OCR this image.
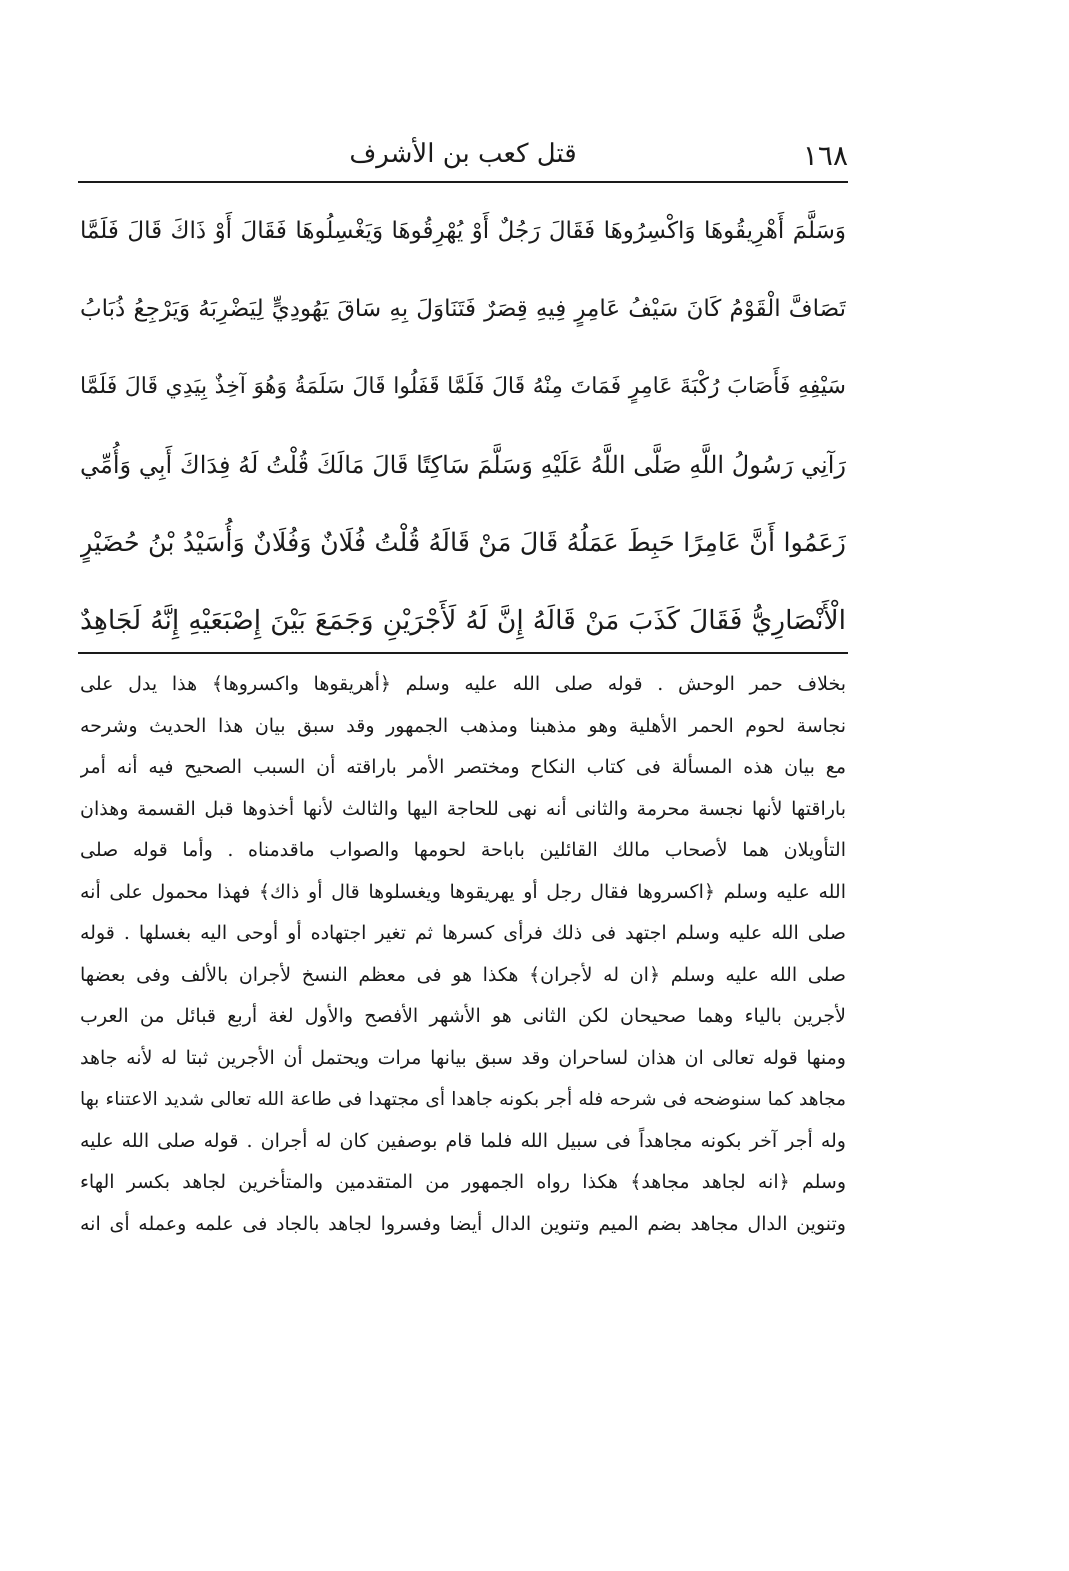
١٦٨
قتل كعب بن الأشرف
وَسَلَّمَ أَهْرِيقُوهَا وَاكْسِرُوهَا فَقَالَ رَجُلٌ أَوْ يُهْرِقُوهَا وَيَغْسِلُوهَا فَقَالَ أَوْ ذَاكَ قَالَ فَلَمَّا
تَصَافَّ الْقَوْمُ كَانَ سَيْفُ عَامِرٍ فِيهِ قِصَرٌ فَتَنَاوَلَ بِهِ سَاقَ يَهُودِيٍّ لِيَضْرِبَهُ وَيَرْجِعُ ذُبَابُ
سَيْفِهِ فَأَصَابَ رُكْبَةَ عَامِرٍ فَمَاتَ مِنْهُ قَالَ فَلَمَّا قَفَلُوا قَالَ سَلَمَةُ وَهُوَ آخِذٌ بِيَدِي قَالَ فَلَمَّا
رَآنِي رَسُولُ اللَّهِ صَلَّى اللَّهُ عَلَيْهِ وَسَلَّمَ سَاكِتًا قَالَ مَالَكَ قُلْتُ لَهُ فِدَاكَ أَبِي وَأُمِّي
زَعَمُوا أَنَّ عَامِرًا حَبِطَ عَمَلُهُ قَالَ مَنْ قَالَهُ قُلْتُ فُلَانٌ وَفُلَانٌ وَأُسَيْدُ بْنُ حُضَيْرٍ
الْأَنْصَارِيُّ فَقَالَ كَذَبَ مَنْ قَالَهُ إِنَّ لَهُ لَأَجْرَيْنِ وَجَمَعَ بَيْنَ إِصْبَعَيْهِ إِنَّهُ لَجَاهِدٌ
بخلاف حمر الوحش . قوله صلى الله عليه وسلم ﴿أهريقوها واكسروها﴾ هذا يدل على
نجاسة لحوم الحمر الأهلية وهو مذهبنا ومذهب الجمهور وقد سبق بيان هذا الحديث وشرحه
مع بيان هذه المسألة فى كتاب النكاح ومختصر الأمر باراقته أن السبب الصحيح فيه أنه أمر
باراقتها لأنها نجسة محرمة والثانى أنه نهى للحاجة اليها والثالث لأنها أخذوها قبل القسمة وهذان
التأويلان هما لأصحاب مالك القائلين باباحة لحومها والصواب ماقدمناه . وأما قوله صلى
الله عليه وسلم ﴿اكسروها فقال رجل أو يهريقوها ويغسلوها قال أو ذاك﴾ فهذا محمول على أنه
صلى الله عليه وسلم اجتهد فى ذلك فرأى كسرها ثم تغير اجتهاده أو أوحى اليه بغسلها . قوله
صلى الله عليه وسلم ﴿ان له لأجران﴾ هكذا هو فى معظم النسخ لأجران بالألف وفى بعضها
لأجرين بالياء وهما صحيحان لكن الثانى هو الأشهر الأفصح والأول لغة أربع قبائل من العرب
ومنها قوله تعالى ان هذان لساحران وقد سبق بيانها مرات ويحتمل أن الأجرين ثبتا له لأنه جاهد
مجاهد كما سنوضحه فى شرحه فله أجر بكونه جاهدا أى مجتهدا فى طاعة الله تعالى شديد الاعتناء بها
وله أجر آخر بكونه مجاهداً فى سبيل الله فلما قام بوصفين كان له أجران . قوله صلى الله عليه
وسلم ﴿انه لجاهد مجاهد﴾ هكذا رواه الجمهور من المتقدمين والمتأخرين لجاهد بكسر الهاء
وتنوين الدال مجاهد بضم الميم وتنوين الدال أيضا وفسروا لجاهد بالجاد فى علمه وعمله أى انه
